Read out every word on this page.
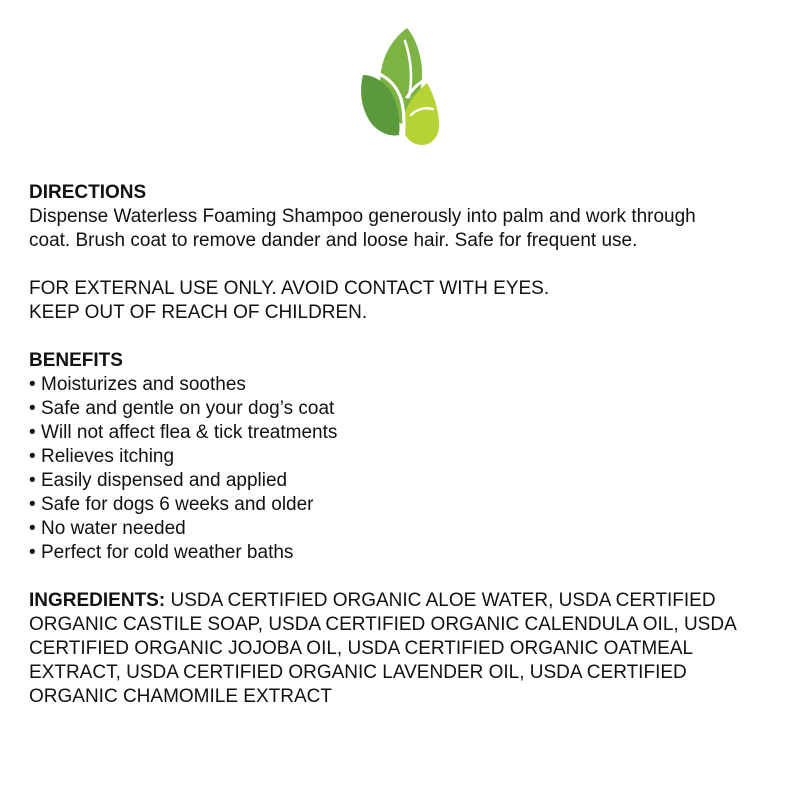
DIRECTIONS

Dispense Waterless Foaming Shampoo generously into palm and work through
coat. Brush coat to remove dander and loose hair. Safe for frequent use.

FOR EXTERNAL USE ONLY. AVOID CONTACT WITH EYES.
KEEP OUT OF REACH OF CHILDREN.

BENEFITS
• Moisturizes and soothes
• Safe and gentle on your dog’s coat
• Will not affect flea & tick treatments
• Relieves itching
• Easily dispensed and applied
• Safe for dogs 6 weeks and older
• No water needed
• Perfect for cold weather baths

INGREDIENTS: USDA CERTIFIED ORGANIC ALOE WATER, USDA CERTIFIED
ORGANIC CASTILE SOAP, USDA CERTIFIED ORGANIC CALENDULA OIL, USDA
CERTIFIED ORGANIC JOJOBA OIL, USDA CERTIFIED ORGANIC OATMEAL
EXTRACT, USDA CERTIFIED ORGANIC LAVENDER OIL, USDA CERTIFIED
ORGANIC CHAMOMILE EXTRACT
